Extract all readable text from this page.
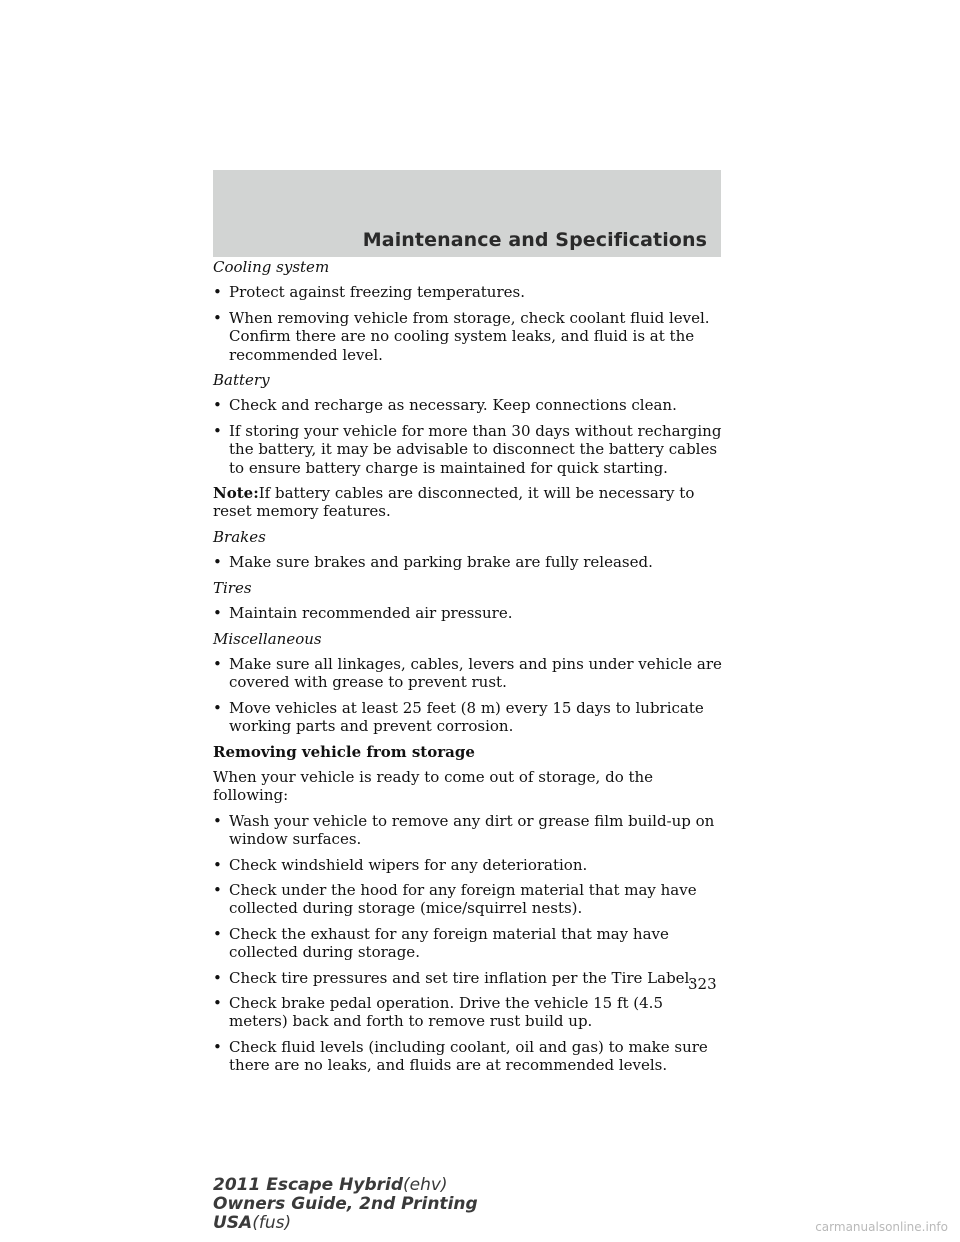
Maintenance and Specifications

Cooling system

• Protect against freezing temperatures.

• When removing vehicle from storage, check coolant fluid level. Confirm there are no cooling system leaks, and fluid is at the recommended level.

Battery

• Check and recharge as necessary. Keep connections clean.

• If storing your vehicle for more than 30 days without recharging the battery, it may be advisable to disconnect the battery cables to ensure battery charge is maintained for quick starting.

Note:If battery cables are disconnected, it will be necessary to reset memory features.

Brakes

• Make sure brakes and parking brake are fully released.

Tires

• Maintain recommended air pressure.

Miscellaneous

• Make sure all linkages, cables, levers and pins under vehicle are covered with grease to prevent rust.

• Move vehicles at least 25 feet (8 m) every 15 days to lubricate working parts and prevent corrosion.

Removing vehicle from storage

When your vehicle is ready to come out of storage, do the following:

• Wash your vehicle to remove any dirt or grease film build-up on window surfaces.

• Check windshield wipers for any deterioration.

• Check under the hood for any foreign material that may have collected during storage (mice/squirrel nests).

• Check the exhaust for any foreign material that may have collected during storage.

• Check tire pressures and set tire inflation per the Tire Label.

• Check brake pedal operation. Drive the vehicle 15 ft (4.5 meters) back and forth to remove rust build up.

• Check fluid levels (including coolant, oil and gas) to make sure there are no leaks, and fluids are at recommended levels.

323
2011 Escape Hybrid(ehv)
Owners Guide, 2nd Printing
USA(fus)	carmanualsonline.info
